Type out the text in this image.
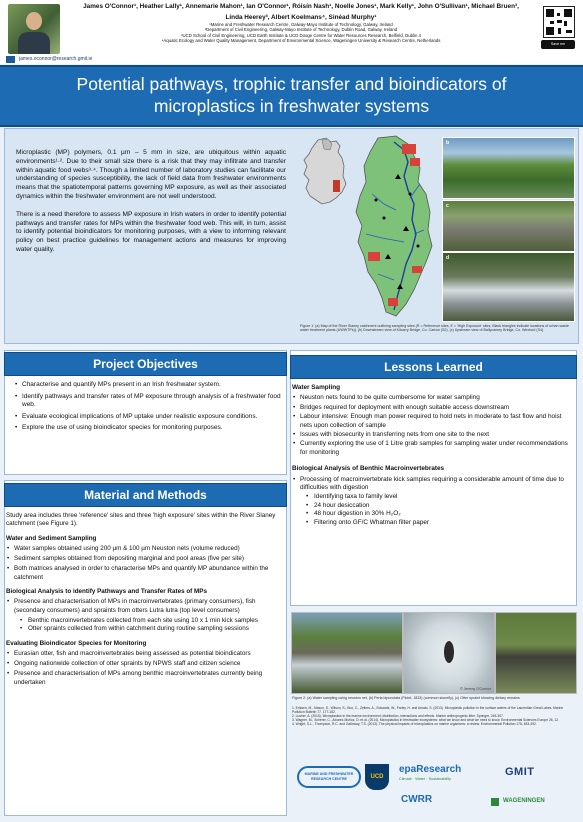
James O'Connor¹, Heather Lally¹, Annemarie Mahon¹, Ian O'Connor¹, Róisín Nash¹, Noelle Jones¹, Mark Kelly¹, John O'Sullivan¹, Michael Bruen³,
Linda Heerey³, Albert Koelmans⁴, Sinéad Murphy¹
¹Marine and Freshwater Research Centre, Galway-Mayo Institute of Technology, Galway, Ireland
²Department of Civil Engineering, Galway-Mayo Institute of Technology, Dublin Road, Galway, Ireland
³UCD School of Civil Engineering, UCD Earth Institute & UCD Dooge Centre for Water Resources Research, Belfield, Dublin 4
⁴Aquatic Ecology and Water Quality Management, Department of Environmental Science, Wageningen University & Research Centre, Netherlands
Save me
james.oconnor@research.gmit.ie
Potential pathways, trophic transfer and bioindicators of
microplastics in freshwater systems

Microplastic (MP) polymers, 0.1 µm – 5 mm in size, are ubiquitous within aquatic environments¹·². Due to their small size there is a risk that they may infiltrate and transfer within aquatic food webs³·⁴. Though a limited number of laboratory studies can facilitate our understanding of species susceptibility, the lack of field data from freshwater environments means that the spatiotemporal patterns governing MP exposure, as well as their associated dynamics within the freshwater environment are not well understood.

There is a need therefore to assess MP exposure in Irish waters in order to identify potential pathways and transfer rates for MPs within the freshwater food web. This will, in turn, assist to identify potential bioindicators for monitoring purposes, with a view to informing relevant policy on best practice guidelines for management actions and measures for improving water quality.

b
c
d
Figure 1: (a) Map of the River Slaney catchment outlining sampling sites (R = Reference sites, E = 'High Exposure' sites, Black triangles indicate locations of urban waste water treatment plants (UWWTPs)), (b) Downstream view of Kilcarry Bridge, Co. Carlow (S2), (c) Upstream view of Ballycarney Bridge, Co. Wexford (S4).
Project Objectives
• Characterise and quantify MPs present in an Irish freshwater system.
• Identify pathways and transfer rates of MP exposure through analysis of a freshwater food web.
• Evaluate ecological implications of MP uptake under realistic exposure conditions.
• Explore the use of using bioindicator species for monitoring purposes.
Material and Methods
Study area includes three 'reference' sites and three 'high exposure' sites within the River Slaney catchment (see Figure 1).
Water and Sediment Sampling
• Water samples obtained using 200 µm & 100 µm Neuston nets (volume reduced)
• Sediment samples obtained from depositing marginal and pool areas (five per site)
• Both matrices analysed in order to characterise MPs and quantify MP abundance within the catchment
Biological Analysis to identify Pathways and Transfer Rates of MPs
• Presence and characterisation of MPs in macroinvertebrates (primary consumers), fish (secondary consumers) and spraints from otters Lutra lutra (top level consumers)
• Benthic macroinvertebrates collected from each site using 10 x 1 min kick samples
• Otter spraints collected from within catchment during routine sampling sessions
Evaluating Bioindicator Species for Monitoring
• Eurasian otter, fish and macroinvertebrates being assessed as potential bioindicators
• Ongoing nationwide collection of otter spraints by NPWS staff and citizen science
• Presence and characterisation of MPs among benthic macroinvertebrates currently being undertaken
Lessons Learned
Water Sampling
• Neuston nets found to be quite cumbersome for water sampling
• Bridges required for deployment with enough suitable access downstream
• Labour intensive: Enough man power required to hold nets in moderate to fast flow and hoist nets upon collection of sample
• Issues with biosecurity in transferring nets from one site to the next
• Currently exploring the use of 1 Litre grab samples for sampling water under recommendations for monitoring
Biological Analysis of Benthic Macroinvertebrates
• Processing of macroinvertebrate kick samples requiring a considerable amount of time due to difficulties with digestion
• Identifying taxa to family level
• 24 hour desiccation
• 48 hour digestion in 30% H₂O₂
• Filtering onto GF/C Whatman filter paper
© Jeremy O'Connor
Figure 2: (a) Water sampling using neuston net, (b) Perla bipunctata (Pictet, 1833) (common stonefly), (c) Otter spraint showing dietary remains
1. Eriksen, M., Mason, S., Wilson, S., Box, C., Zellers, A., Edwards, W., Farley, H. and Amato, S. (2013). Microplastic pollution in the surface waters of the Laurentian Great Lakes. Marine Pollution Bulletin 77, 177-182.
2. Lusher, A. (2015). Microplastics in the marine environment: distribution, interactions and effects. Marine anthropogenic litter. Springer, 245-307.
3. Wagner, M., Scherer, C., Alvarez-Muñoz, D. et al. (2014). Microplastics in freshwater ecosystems: what we know and what we need to know. Environmental Sciences Europe 26, 12.
4. Wright, S.L., Thompson, R.C. and Galloway, T.S. (2013). The physical impacts of microplastics on marine organisms: a review. Environmental Pollution 178, 483-492.
MARINE AND FRESHWATER RESEARCH CENTRE	UCD
epaResearch
Climate · Water · Sustainability
GMIT
CWRR	WAGENINGEN
